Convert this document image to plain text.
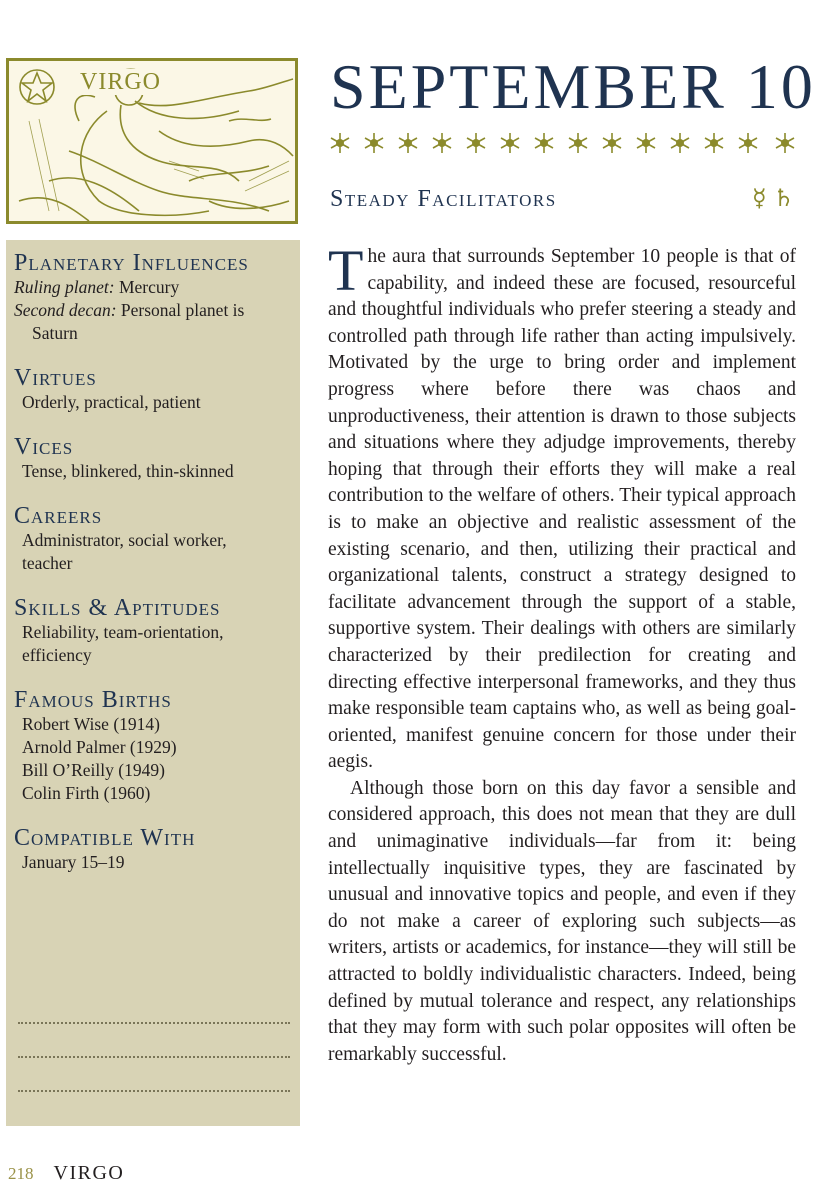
VIRGO	SEPTEMBER 10
Steady Facilitators	☿ ♄
Planetary Influences
Ruling planet: Mercury
Second decan: Personal planet is Saturn
Virtues
Orderly, practical, patient
Vices
Tense, blinkered, thin-skinned
Careers
Administrator, social worker, teacher
Skills & Aptitudes
Reliability, team-orientation, efficiency
Famous Births
Robert Wise (1914)
Arnold Palmer (1929)
Bill O’Reilly (1949)
Colin Firth (1960)
Compatible With
January 15–19

The aura that surrounds September 10 people is that of capability, and indeed these are focused, resourceful and thoughtful individuals who prefer steering a steady and controlled path through life rather than acting impulsively. Motivated by the urge to bring order and implement progress where before there was chaos and unproductiveness, their attention is drawn to those subjects and situations where they adjudge improvements, thereby hoping that through their efforts they will make a real contribution to the welfare of others. Their typical approach is to make an objective and realistic assessment of the existing scenario, and then, utilizing their practical and organizational talents, construct a strategy designed to facilitate advancement through the support of a stable, supportive system. Their dealings with others are similarly characterized by their predilection for creating and directing effective interpersonal frameworks, and they thus make responsible team captains who, as well as being goal-oriented, manifest genuine concern for those under their aegis.

Although those born on this day favor a sensible and considered approach, this does not mean that they are dull and unimaginative individuals—far from it: being intellectually inquisitive types, they are fascinated by unusual and innovative topics and people, and even if they do not make a career of exploring such subjects—as writers, artists or academics, for instance—they will still be attracted to boldly individualistic characters. Indeed, being defined by mutual tolerance and respect, any relationships that they may form with such polar opposites will often be remarkably successful.

218 VIRGO
